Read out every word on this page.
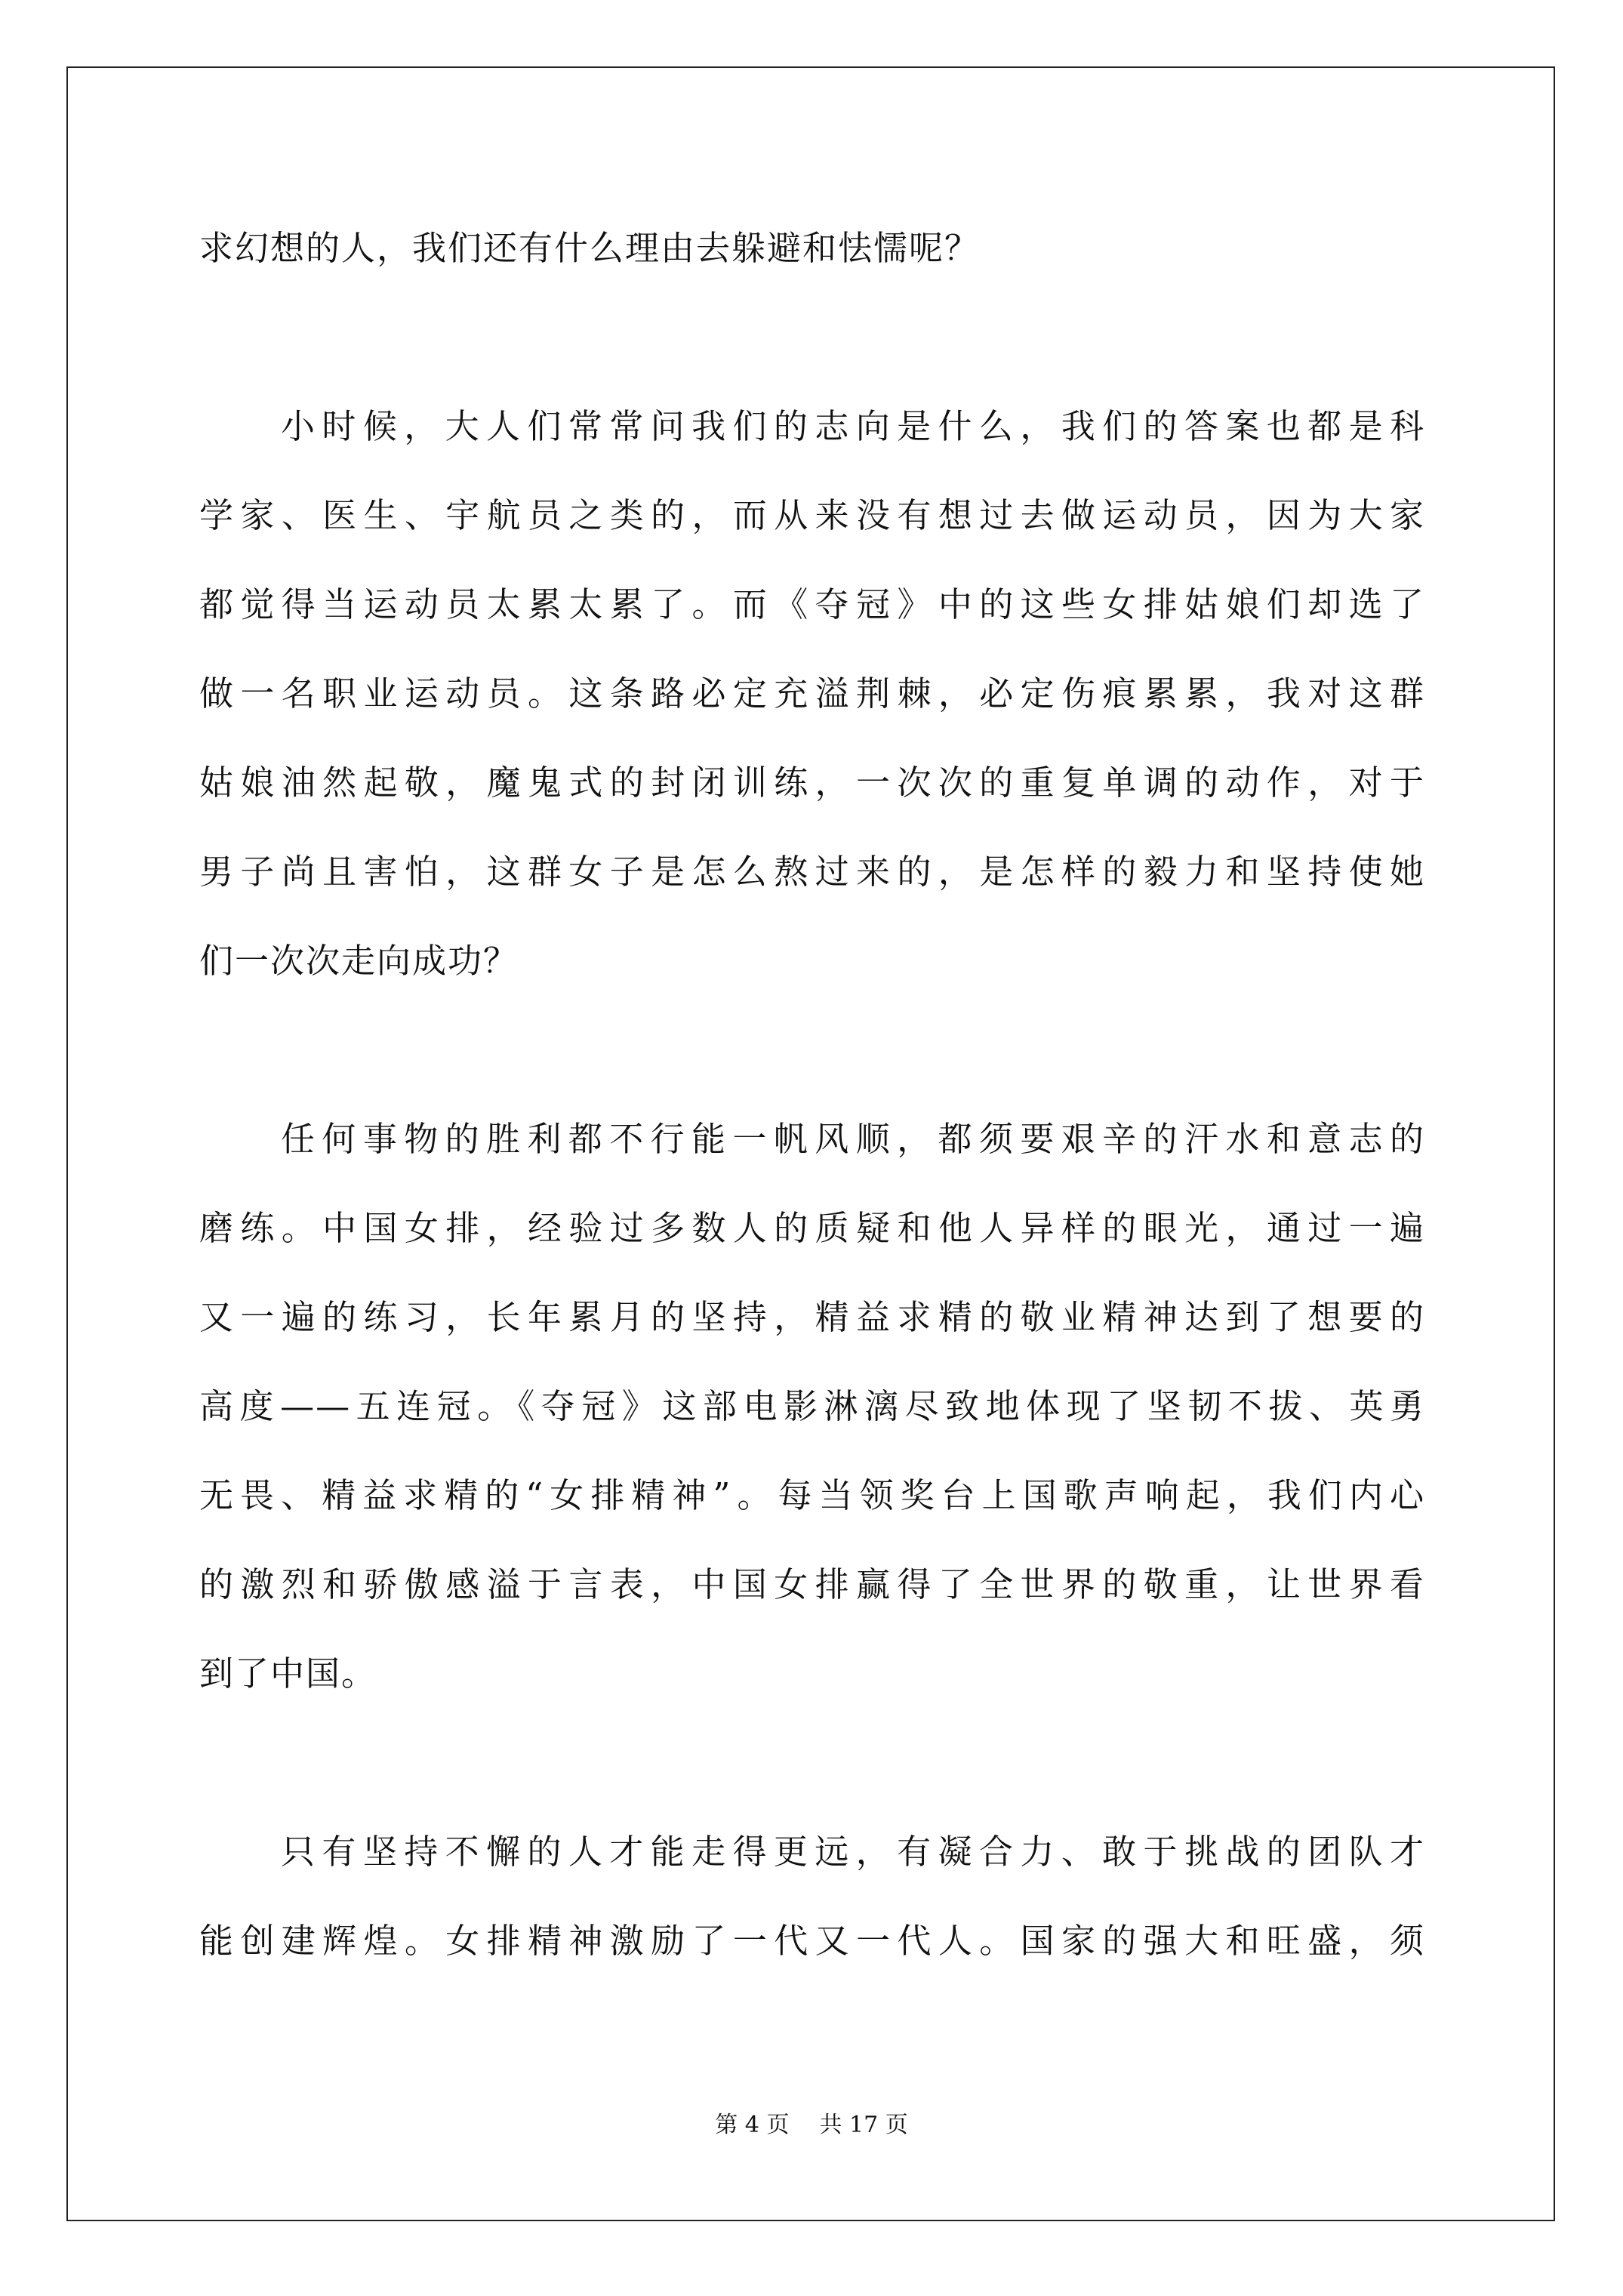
求幻想的人，我们还有什么理由去躲避和怯懦呢？
小时候，大人们常常问我们的志向是什么，我们的答案也都是科
学家、医生、宇航员之类的，而从来没有想过去做运动员，因为大家
都觉得当运动员太累太累了。而《夺冠》中的这些女排姑娘们却选了
做一名职业运动员。这条路必定充溢荆棘，必定伤痕累累，我对这群
姑娘油然起敬，魔鬼式的封闭训练，一次次的重复单调的动作，对于
男子尚且害怕，这群女子是怎么熬过来的，是怎样的毅力和坚持使她
们一次次走向成功？
任何事物的胜利都不行能一帆风顺，都须要艰辛的汗水和意志的
磨练。中国女排，经验过多数人的质疑和他人异样的眼光，通过一遍
又一遍的练习，长年累月的坚持，精益求精的敬业精神达到了想要的
高度——五连冠。《夺冠》这部电影淋漓尽致地体现了坚韧不拔、英勇
无畏、精益求精的“女排精神”。每当领奖台上国歌声响起，我们内心
的激烈和骄傲感溢于言表，中国女排赢得了全世界的敬重，让世界看
到了中国。
只有坚持不懈的人才能走得更远，有凝合力、敢于挑战的团队才
能创建辉煌。女排精神激励了一代又一代人。国家的强大和旺盛，须
第 4 页 共 17 页
